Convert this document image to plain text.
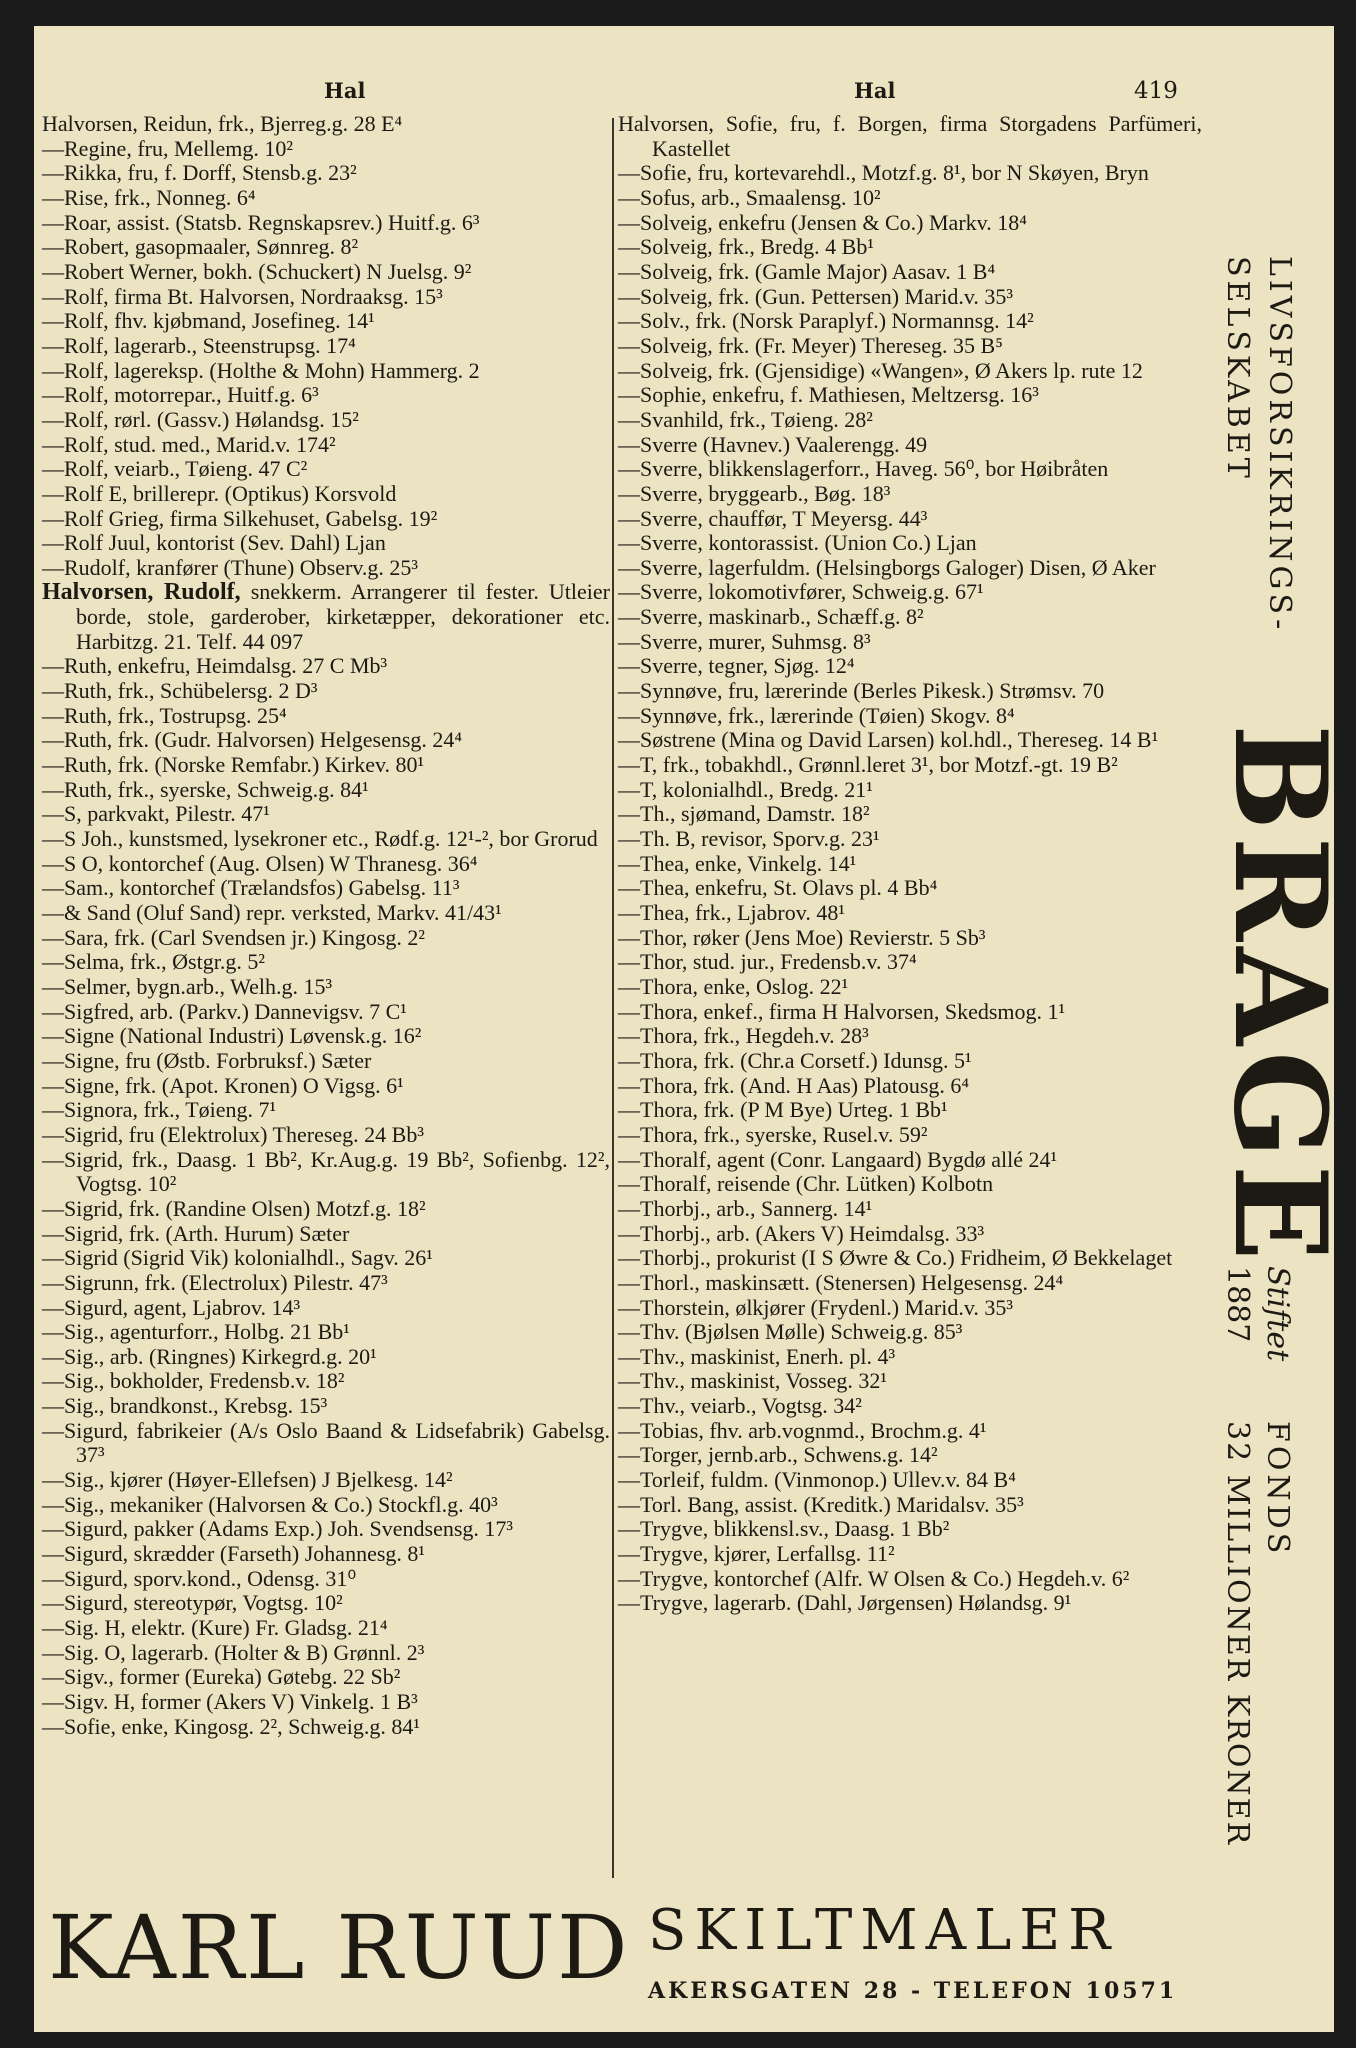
Hal	Hal	419

Halvorsen, Reidun, frk., Bjerreg.g. 28 E⁴

—Regine, fru, Mellemg. 10²

—Rikka, fru, f. Dorff, Stensb.g. 23²

—Rise, frk., Nonneg. 6⁴

—Roar, assist. (Statsb. Regnskapsrev.) Huitf.g. 6³

—Robert, gasopmaaler, Sønnreg. 8²

—Robert Werner, bokh. (Schuckert) N Juelsg. 9²

—Rolf, firma Bt. Halvorsen, Nordraaksg. 15³

—Rolf, fhv. kjøbmand, Josefineg. 14¹

—Rolf, lagerarb., Steenstrupsg. 17⁴

—Rolf, lagereksp. (Holthe & Mohn) Hammerg. 2

—Rolf, motorrepar., Huitf.g. 6³

—Rolf, rørl. (Gassv.) Hølandsg. 15²

—Rolf, stud. med., Marid.v. 174²

—Rolf, veiarb., Tøieng. 47 C²

—Rolf E, brillerepr. (Optikus) Korsvold

—Rolf Grieg, firma Silkehuset, Gabelsg. 19²

—Rolf Juul, kontorist (Sev. Dahl) Ljan

—Rudolf, kranfører (Thune) Observ.g. 25³

Halvorsen, Rudolf, snekkerm. Arrangerer til fester. Utleier borde, stole, garderober, kirketæpper, dekorationer etc. Harbitzg. 21. Telf. 44 097

—Ruth, enkefru, Heimdalsg. 27 C Mb³

—Ruth, frk., Schübelersg. 2 D³

—Ruth, frk., Tostrupsg. 25⁴

—Ruth, frk. (Gudr. Halvorsen) Helgesensg. 24⁴

—Ruth, frk. (Norske Remfabr.) Kirkev. 80¹

—Ruth, frk., syerske, Schweig.g. 84¹

—S, parkvakt, Pilestr. 47¹

—S Joh., kunstsmed, lysekroner etc., Rødf.g. 12¹-², bor Grorud

—S O, kontorchef (Aug. Olsen) W Thranesg. 36⁴

—Sam., kontorchef (Trælandsfos) Gabelsg. 11³

—& Sand (Oluf Sand) repr. verksted, Markv. 41/43¹

—Sara, frk. (Carl Svendsen jr.) Kingosg. 2²

—Selma, frk., Østgr.g. 5²

—Selmer, bygn.arb., Welh.g. 15³

—Sigfred, arb. (Parkv.) Dannevigsv. 7 C¹

—Signe (National Industri) Løvensk.g. 16²

—Signe, fru (Østb. Forbruksf.) Sæter

—Signe, frk. (Apot. Kronen) O Vigsg. 6¹

—Signora, frk., Tøieng. 7¹

—Sigrid, fru (Elektrolux) Thereseg. 24 Bb³

—Sigrid, frk., Daasg. 1 Bb², Kr.Aug.g. 19 Bb², Sofienbg. 12², Vogtsg. 10²

—Sigrid, frk. (Randine Olsen) Motzf.g. 18²

—Sigrid, frk. (Arth. Hurum) Sæter

—Sigrid (Sigrid Vik) kolonialhdl., Sagv. 26¹

—Sigrunn, frk. (Electrolux) Pilestr. 47³

—Sigurd, agent, Ljabrov. 14³

—Sig., agenturforr., Holbg. 21 Bb¹

—Sig., arb. (Ringnes) Kirkegrd.g. 20¹

—Sig., bokholder, Fredensb.v. 18²

—Sig., brandkonst., Krebsg. 15³

—Sigurd, fabrikeier (A/s Oslo Baand & Lidsefabrik) Gabelsg. 37³

—Sig., kjører (Høyer-Ellefsen) J Bjelkesg. 14²

—Sig., mekaniker (Halvorsen & Co.) Stockfl.g. 40³

—Sigurd, pakker (Adams Exp.) Joh. Svendsensg. 17³

—Sigurd, skrædder (Farseth) Johannesg. 8¹

—Sigurd, sporv.kond., Odensg. 31⁰

—Sigurd, stereotypør, Vogtsg. 10²

—Sig. H, elektr. (Kure) Fr. Gladsg. 21⁴

—Sig. O, lagerarb. (Holter & B) Grønnl. 2³

—Sigv., former (Eureka) Gøtebg. 22 Sb²

—Sigv. H, former (Akers V) Vinkelg. 1 B³

—Sofie, enke, Kingosg. 2², Schweig.g. 84¹

Halvorsen, Sofie, fru, f. Borgen, firma Storgadens Parfümeri, Kastellet

—Sofie, fru, kortevarehdl., Motzf.g. 8¹, bor N Skøyen, Bryn

—Sofus, arb., Smaalensg. 10²

—Solveig, enkefru (Jensen & Co.) Markv. 18⁴

—Solveig, frk., Bredg. 4 Bb¹

—Solveig, frk. (Gamle Major) Aasav. 1 B⁴

—Solveig, frk. (Gun. Pettersen) Marid.v. 35³

—Solv., frk. (Norsk Paraplyf.) Normannsg. 14²

—Solveig, frk. (Fr. Meyer) Thereseg. 35 B⁵

—Solveig, frk. (Gjensidige) «Wangen», Ø Akers lp. rute 12

—Sophie, enkefru, f. Mathiesen, Meltzersg. 16³

—Svanhild, frk., Tøieng. 28²

—Sverre (Havnev.) Vaalerengg. 49

—Sverre, blikkenslagerforr., Haveg. 56⁰, bor Høibråten

—Sverre, bryggearb., Bøg. 18³

—Sverre, chauffør, T Meyersg. 44³

—Sverre, kontorassist. (Union Co.) Ljan

—Sverre, lagerfuldm. (Helsingborgs Galoger) Disen, Ø Aker

—Sverre, lokomotivfører, Schweig.g. 67¹

—Sverre, maskinarb., Schæff.g. 8²

—Sverre, murer, Suhmsg. 8³

—Sverre, tegner, Sjøg. 12⁴

—Synnøve, fru, lærerinde (Berles Pikesk.) Strømsv. 70

—Synnøve, frk., lærerinde (Tøien) Skogv. 8⁴

—Søstrene (Mina og David Larsen) kol.hdl., Thereseg. 14 B¹

—T, frk., tobakhdl., Grønnl.leret 3¹, bor Motzf.-gt. 19 B²

—T, kolonialhdl., Bredg. 21¹

—Th., sjømand, Damstr. 18²

—Th. B, revisor, Sporv.g. 23¹

—Thea, enke, Vinkelg. 14¹

—Thea, enkefru, St. Olavs pl. 4 Bb⁴

—Thea, frk., Ljabrov. 48¹

—Thor, røker (Jens Moe) Revierstr. 5 Sb³

—Thor, stud. jur., Fredensb.v. 37⁴

—Thora, enke, Oslog. 22¹

—Thora, enkef., firma H Halvorsen, Skedsmog. 1¹

—Thora, frk., Hegdeh.v. 28³

—Thora, frk. (Chr.a Corsetf.) Idunsg. 5¹

—Thora, frk. (And. H Aas) Platousg. 6⁴

—Thora, frk. (P M Bye) Urteg. 1 Bb¹

—Thora, frk., syerske, Rusel.v. 59²

—Thoralf, agent (Conr. Langaard) Bygdø allé 24¹

—Thoralf, reisende (Chr. Lütken) Kolbotn

—Thorbj., arb., Sannerg. 14¹

—Thorbj., arb. (Akers V) Heimdalsg. 33³

—Thorbj., prokurist (I S Øwre & Co.) Fridheim, Ø Bekkelaget

—Thorl., maskinsætt. (Stenersen) Helgesensg. 24⁴

—Thorstein, ølkjører (Frydenl.) Marid.v. 35³

—Thv. (Bjølsen Mølle) Schweig.g. 85³

—Thv., maskinist, Enerh. pl. 4³

—Thv., maskinist, Vosseg. 32¹

—Thv., veiarb., Vogtsg. 34²

—Tobias, fhv. arb.vognmd., Brochm.g. 4¹

—Torger, jernb.arb., Schwens.g. 14²

—Torleif, fuldm. (Vinmonop.) Ullev.v. 84 B⁴

—Torl. Bang, assist. (Kreditk.) Maridalsv. 35³

—Trygve, blikkensl.sv., Daasg. 1 Bb²

—Trygve, kjører, Lerfallsg. 11²

—Trygve, kontorchef (Alfr. W Olsen & Co.) Hegdeh.v. 6²

—Trygve, lagerarb. (Dahl, Jørgensen) Hølandsg. 9¹

LIVSFORSIKRINGS-
SELSKABET
BRAGE
Stiftet
1887
FONDS
32 MILLIONER KRONER
KARL RUUD SKILTMALER
AKERSGATEN 28 - TELEFON 10571
